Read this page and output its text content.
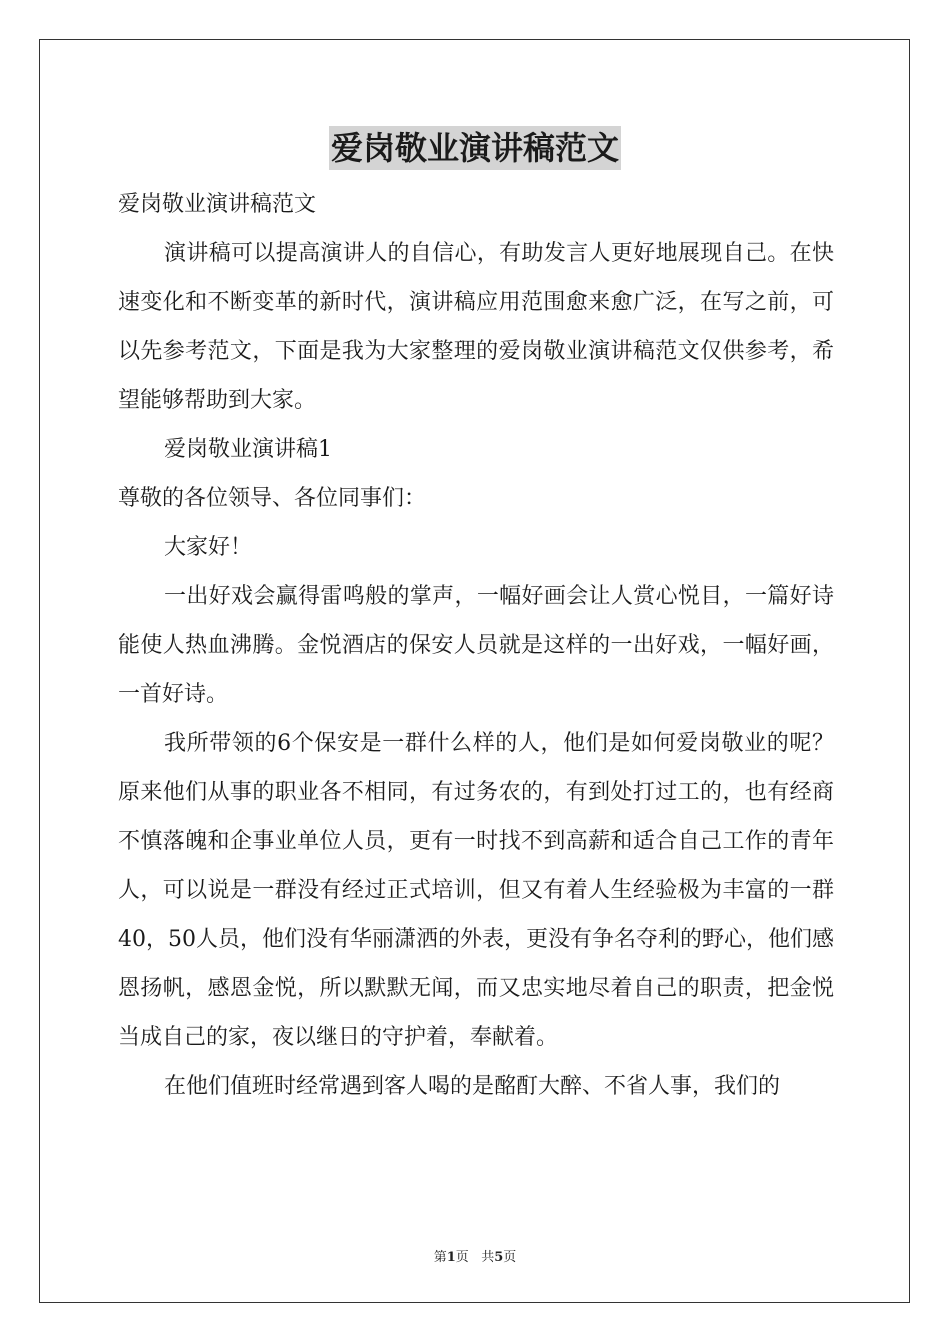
爱岗敬业演讲稿范文

爱岗敬业演讲稿范文

演讲稿可以提高演讲人的自信心，有助发言人更好地展现自己。在快速变化和不断变革的新时代，演讲稿应用范围愈来愈广泛，在写之前，可以先参考范文，下面是我为大家整理的爱岗敬业演讲稿范文仅供参考，希望能够帮助到大家。

爱岗敬业演讲稿1

尊敬的各位领导、各位同事们：

大家好！

一出好戏会赢得雷鸣般的掌声，一幅好画会让人赏心悦目，一篇好诗能使人热血沸腾。金悦酒店的保安人员就是这样的一出好戏，一幅好画，一首好诗。

我所带领的6个保安是一群什么样的人，他们是如何爱岗敬业的呢？原来他们从事的职业各不相同，有过务农的，有到处打过工的，也有经商不慎落魄和企事业单位人员，更有一时找不到高薪和适合自己工作的青年人，可以说是一群没有经过正式培训，但又有着人生经验极为丰富的一群40，50人员，他们没有华丽潇洒的外表，更没有争名夺利的野心，他们感恩扬帆，感恩金悦，所以默默无闻，而又忠实地尽着自己的职责，把金悦当成自己的家，夜以继日的守护着，奉献着。

在他们值班时经常遇到客人喝的是酩酊大醉、不省人事，我们的

第1页 共5页
